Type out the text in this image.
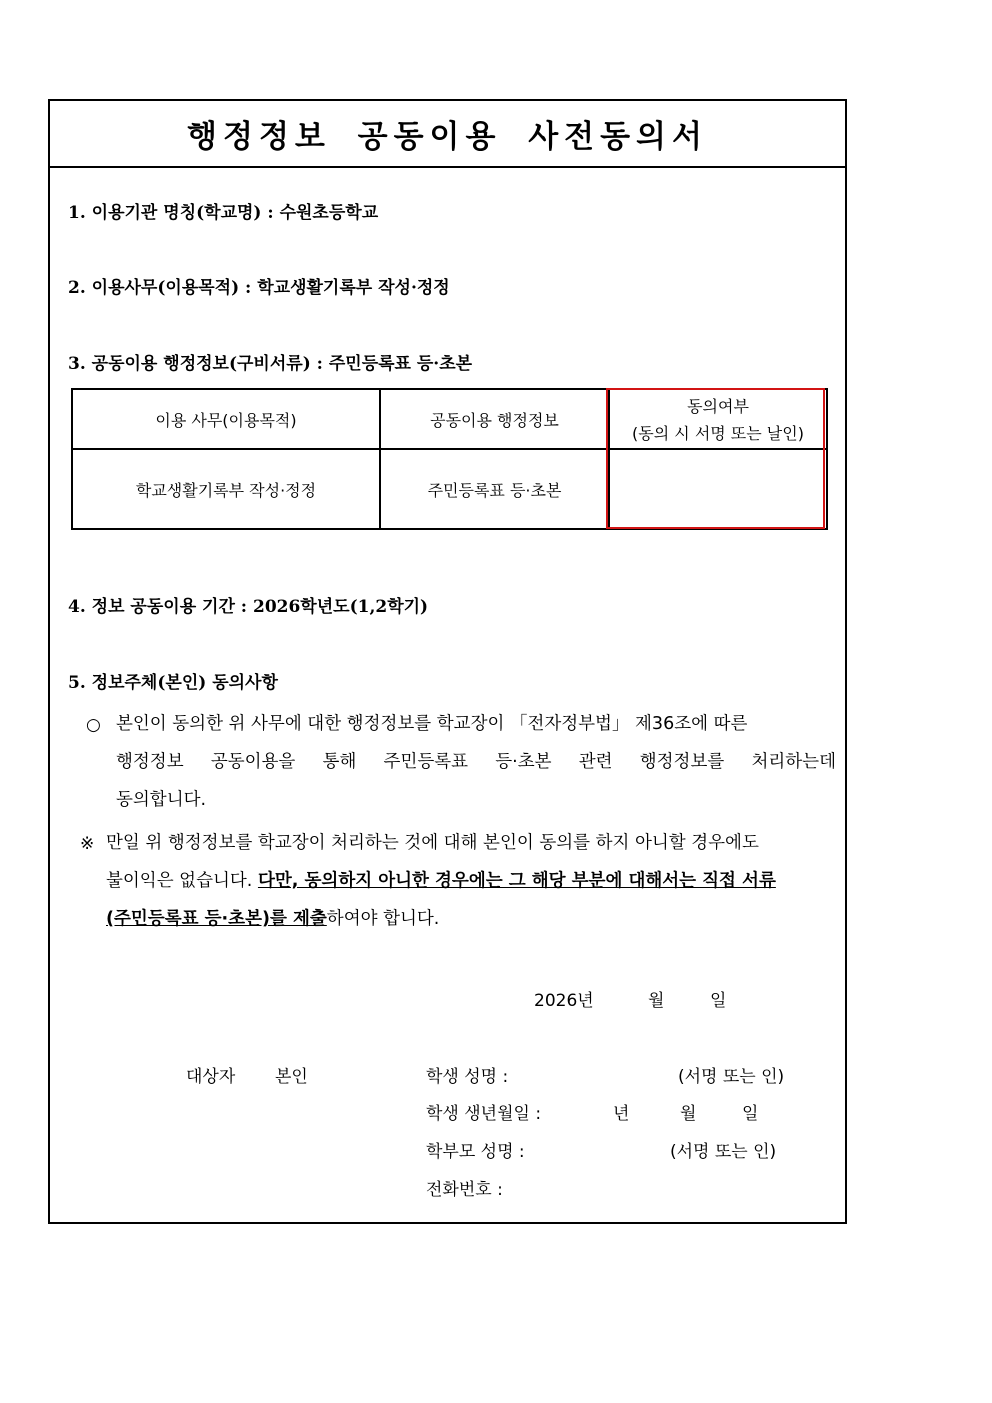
행정정보 공동이용 사전동의서
1. 이용기관 명칭(학교명) : 수원초등학교
2. 이용사무(이용목적) : 학교생활기록부 작성·정정
3. 공동이용 행정정보(구비서류) : 주민등록표 등·초본
이용 사무(이용목적)	공동이용 행정정보	동의여부
(동의 시 서명 또는 날인)

학교생활기록부 작성·정정	주민등록표 등·초본	
4. 정보 공동이용 기간 : 2026학년도(1,2학기)
5. 정보주체(본인) 동의사항
○ 본인이 동의한 위 사무에 대한 행정정보를 학교장이 「전자정부법」 제36조에 따른
행정정보 공동이용을 통해 주민등록표 등·초본 관련 행정정보를 처리하는데
동의합니다.
※ 만일 위 행정정보를 학교장이 처리하는 것에 대해 본인이 동의를 하지 아니할 경우에도
불이익은 없습니다. 다만, 동의하지 아니한 경우에는 그 해당 부분에 대해서는 직접 서류
(주민등록표 등·초본)를 제출하여야 합니다.
2026년	월	일
대상자 본인	학생 성명 :	(서명 또는 인)
학생 생년월일 :	년	월	일
학부모 성명 :	(서명 또는 인)
전화번호 :
